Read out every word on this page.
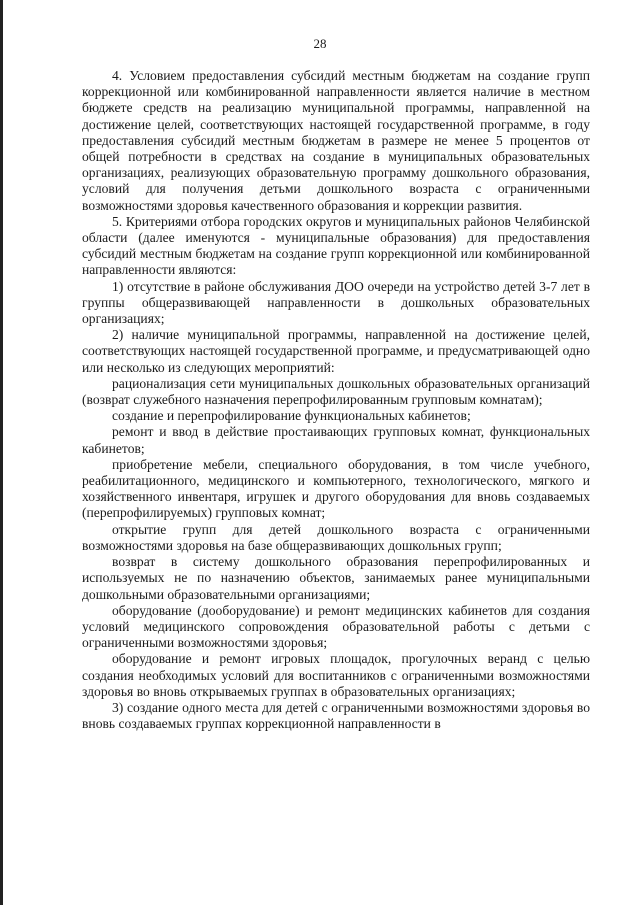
28

4. Условием предоставления субсидий местным бюджетам на создание групп коррекционной или комбинированной направленности является наличие в местном бюджете средств на реализацию муниципальной программы, направленной на достижение целей, соответствующих настоящей государственной программе, в году предоставления субсидий местным бюджетам в размере не менее 5 процентов от общей потребности в средствах на создание в муниципальных образовательных организациях, реализующих образовательную программу дошкольного образования, условий для получения детьми дошкольного возраста с ограниченными возможностями здоровья качественного образования и коррекции развития.

5. Критериями отбора городских округов и муниципальных районов Челябинской области (далее именуются - муниципальные образования) для предоставления субсидий местным бюджетам на создание групп коррекционной или комбинированной направленности являются:

1) отсутствие в районе обслуживания ДОО очереди на устройство детей 3-7 лет в группы общеразвивающей направленности в дошкольных образовательных организациях;

2) наличие муниципальной программы, направленной на достижение целей, соответствующих настоящей государственной программе, и предусматривающей одно или несколько из следующих мероприятий:

рационализация сети муниципальных дошкольных образовательных организаций (возврат служебного назначения перепрофилированным групповым комнатам);

создание и перепрофилирование функциональных кабинетов;

ремонт и ввод в действие простаивающих групповых комнат, функциональных кабинетов;

приобретение мебели, специального оборудования, в том числе учебного, реабилитационного, медицинского и компьютерного, технологического, мягкого и хозяйственного инвентаря, игрушек и другого оборудования для вновь создаваемых (перепрофилируемых) групповых комнат;

открытие групп для детей дошкольного возраста с ограниченными возможностями здоровья на базе общеразвивающих дошкольных групп;

возврат в систему дошкольного образования перепрофилированных и используемых не по назначению объектов, занимаемых ранее муниципальными дошкольными образовательными организациями;

оборудование (дооборудование) и ремонт медицинских кабинетов для создания условий медицинского сопровождения образовательной работы с детьми с ограниченными возможностями здоровья;

оборудование и ремонт игровых площадок, прогулочных веранд с целью создания необходимых условий для воспитанников с ограниченными возможностями здоровья во вновь открываемых группах в образовательных организациях;

3) создание одного места для детей с ограниченными возможностями здоровья во вновь создаваемых группах коррекционной направленности в
